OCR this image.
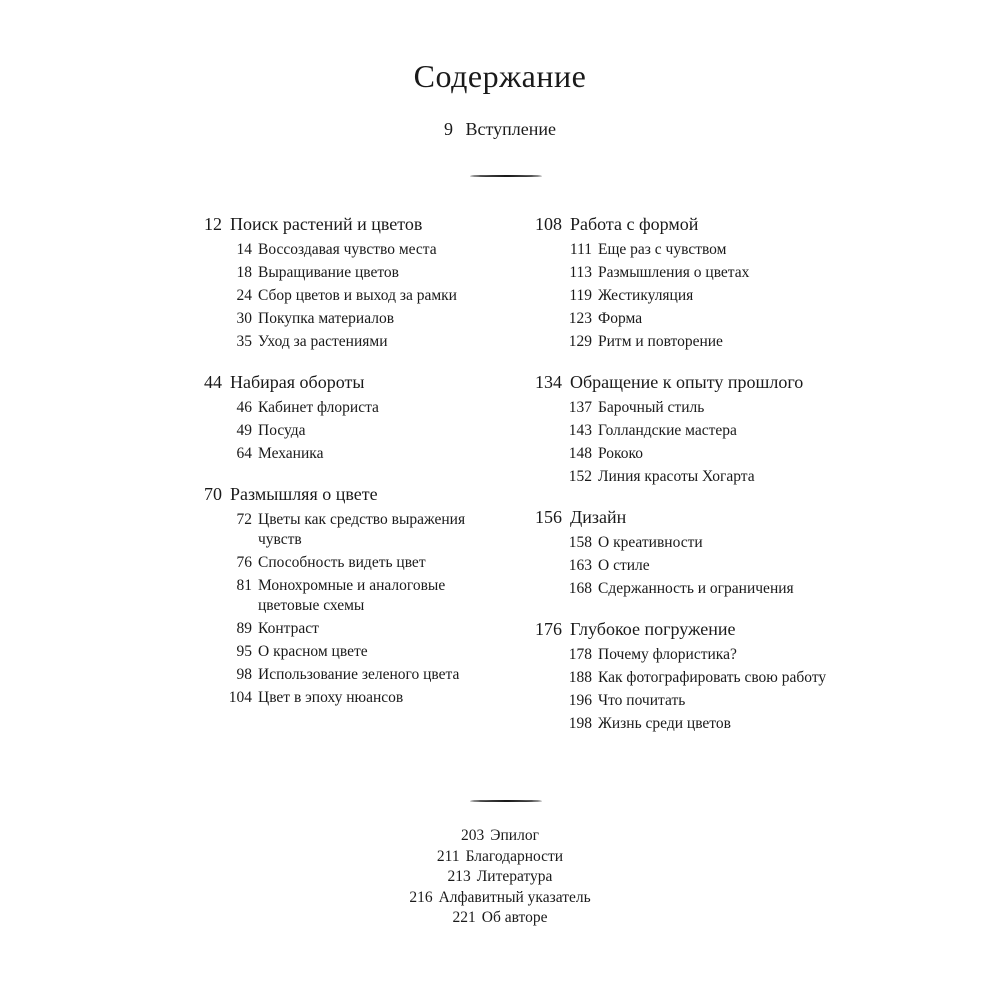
Содержание
9 Вступление
12 Поиск растений и цветов
14 Воссоздавая чувство места
18 Выращивание цветов
24 Сбор цветов и выход за рамки
30 Покупка материалов
35 Уход за растениями
44 Набирая обороты
46 Кабинет флориста
49 Посуда
64 Механика
70 Размышляя о цвете
72 Цветы как средство выражения чувств
76 Способность видеть цвет
81 Монохромные и аналоговые цветовые схемы
89 Контраст
95 О красном цвете
98 Использование зеленого цвета
104 Цвет в эпоху нюансов
108 Работа с формой
111 Еще раз с чувством
113 Размышления о цветах
119 Жестикуляция
123 Форма
129 Ритм и повторение
134 Обращение к опыту прошлого
137 Барочный стиль
143 Голландские мастера
148 Рококо
152 Линия красоты Хогарта
156 Дизайн
158 О креативности
163 О стиле
168 Сдержанность и ограничения
176 Глубокое погружение
178 Почему флористика?
188 Как фотографировать свою работу
196 Что почитать
198 Жизнь среди цветов
203 Эпилог
211 Благодарности
213 Литература
216 Алфавитный указатель
221 Об авторе
